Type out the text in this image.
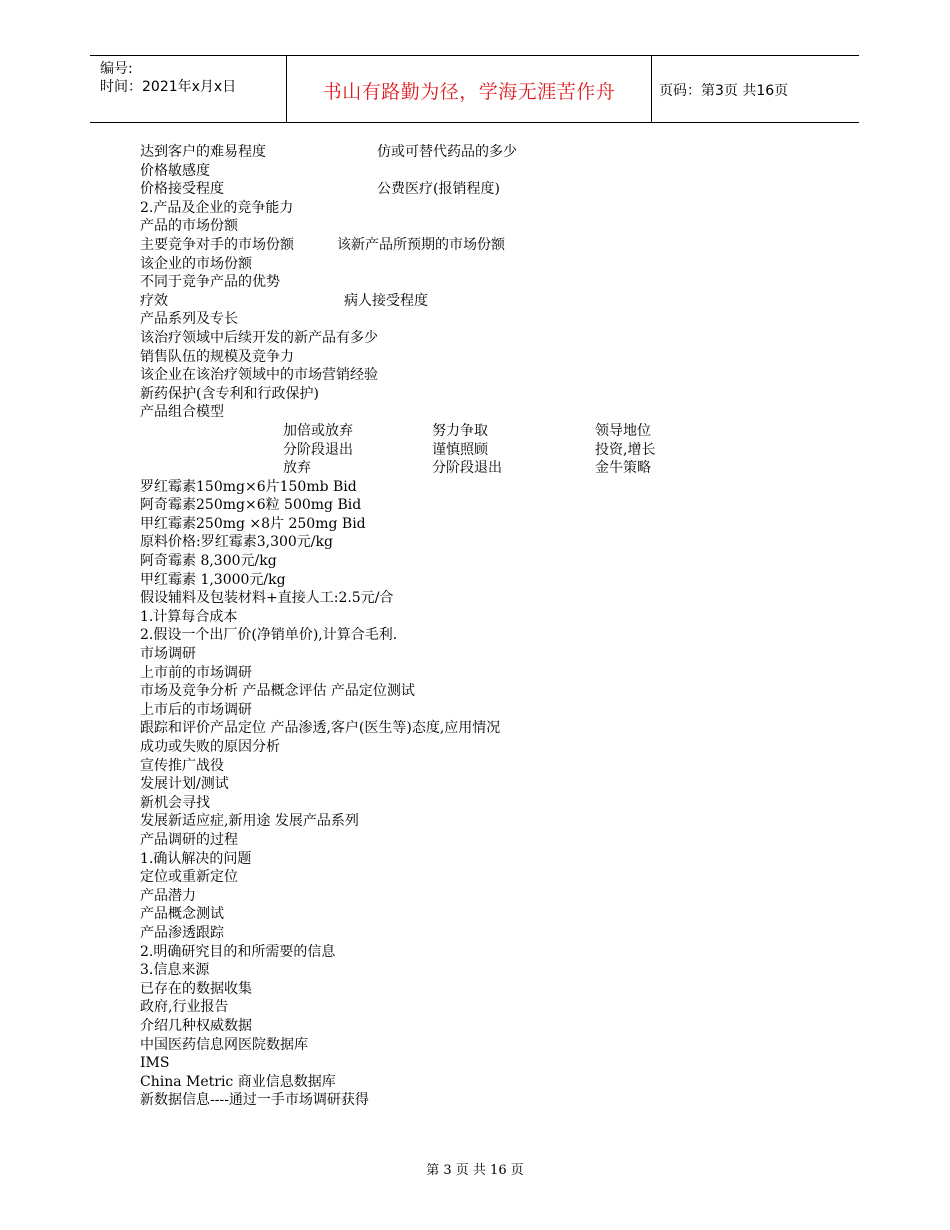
编号:
时间：2021年x月x日	书山有路勤为径，学海无涯苦作舟	页码：第3页 共16页
达到客户的难易程度	仿或可替代药品的多少
价格敏感度
价格接受程度	公费医疗(报销程度)
2.产品及企业的竞争能力
产品的市场份额
主要竞争对手的市场份额	该新产品所预期的市场份额
该企业的市场份额
不同于竞争产品的优势
疗效	病人接受程度
产品系列及专长
该治疗领域中后续开发的新产品有多少
销售队伍的规模及竞争力
该企业在该治疗领域中的市场营销经验
新药保护(含专利和行政保护)
产品组合模型
加倍或放弃	努力争取	领导地位
分阶段退出	谨慎照顾	投资,增长
放弃	分阶段退出	金牛策略
罗红霉素150mg×6片150mb Bid
阿奇霉素250mg×6粒 500mg Bid
甲红霉素250mg ×8片 250mg Bid
原料价格:罗红霉素3,300元/kg
阿奇霉素 8,300元/kg
甲红霉素 1,3000元/kg
假设辅料及包装材料+直接人工:2.5元/合
1.计算每合成本
2.假设一个出厂价(净销单价),计算合毛利.
市场调研
上市前的市场调研
市场及竞争分析 产品概念评估 产品定位测试
上市后的市场调研
跟踪和评价产品定位 产品渗透,客户(医生等)态度,应用情况
成功或失败的原因分析
宣传推广战役
发展计划/测试
新机会寻找
发展新适应症,新用途 发展产品系列
产品调研的过程
1.确认解决的问题
定位或重新定位
产品潜力
产品概念测试
产品渗透跟踪
2.明确研究目的和所需要的信息
3.信息来源
已存在的数据收集
政府,行业报告
介绍几种权威数据
中国医药信息网医院数据库
IMS
China Metric 商业信息数据库
新数据信息----通过一手市场调研获得
第 3 页 共 16 页
